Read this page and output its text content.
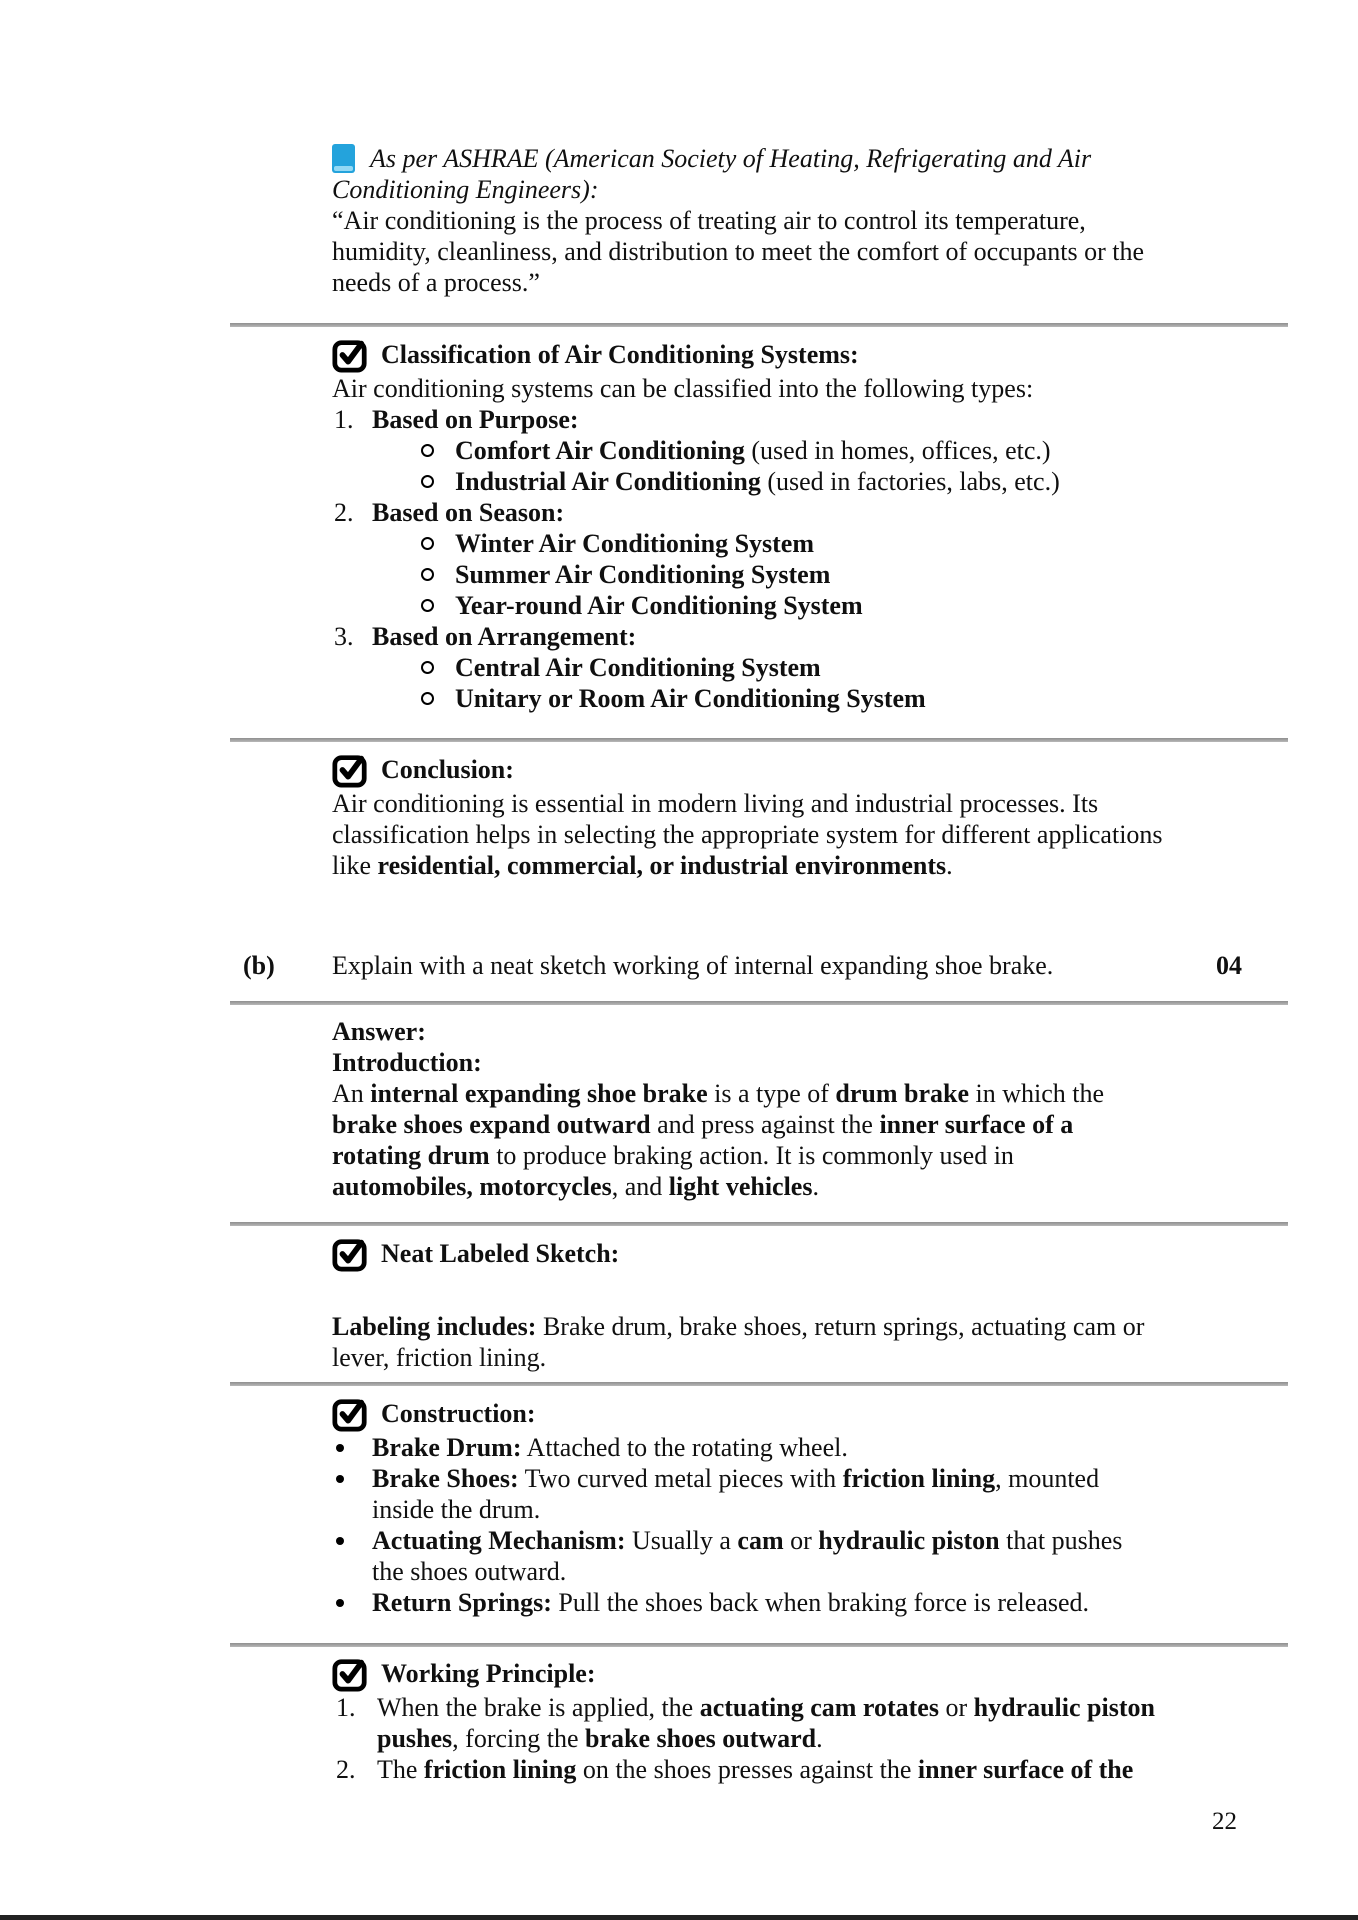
As per ASHRAE (American Society of Heating, Refrigerating and Air Conditioning Engineers):
“Air conditioning is the process of treating air to control its temperature, humidity, cleanliness, and distribution to meet the comfort of occupants or the needs of a process.”
Classification of Air Conditioning Systems:
Air conditioning systems can be classified into the following types:
1. Based on Purpose:
Comfort Air Conditioning (used in homes, offices, etc.)
Industrial Air Conditioning (used in factories, labs, etc.)
2. Based on Season:
Winter Air Conditioning System
Summer Air Conditioning System
Year-round Air Conditioning System
3. Based on Arrangement:
Central Air Conditioning System
Unitary or Room Air Conditioning System
Conclusion:
Air conditioning is essential in modern living and industrial processes. Its classification helps in selecting the appropriate system for different applications like residential, commercial, or industrial environments.
(b) Explain with a neat sketch working of internal expanding shoe brake.	04
Answer:
Introduction:
An internal expanding shoe brake is a type of drum brake in which the brake shoes expand outward and press against the inner surface of a rotating drum to produce braking action. It is commonly used in automobiles, motorcycles, and light vehicles.
Neat Labeled Sketch:
Labeling includes: Brake drum, brake shoes, return springs, actuating cam or lever, friction lining.
Construction:
Brake Drum: Attached to the rotating wheel.
Brake Shoes: Two curved metal pieces with friction lining, mounted inside the drum.
Actuating Mechanism: Usually a cam or hydraulic piston that pushes the shoes outward.
Return Springs: Pull the shoes back when braking force is released.
Working Principle:
1. When the brake is applied, the actuating cam rotates or hydraulic piston pushes, forcing the brake shoes outward.
2. The friction lining on the shoes presses against the inner surface of the
22
